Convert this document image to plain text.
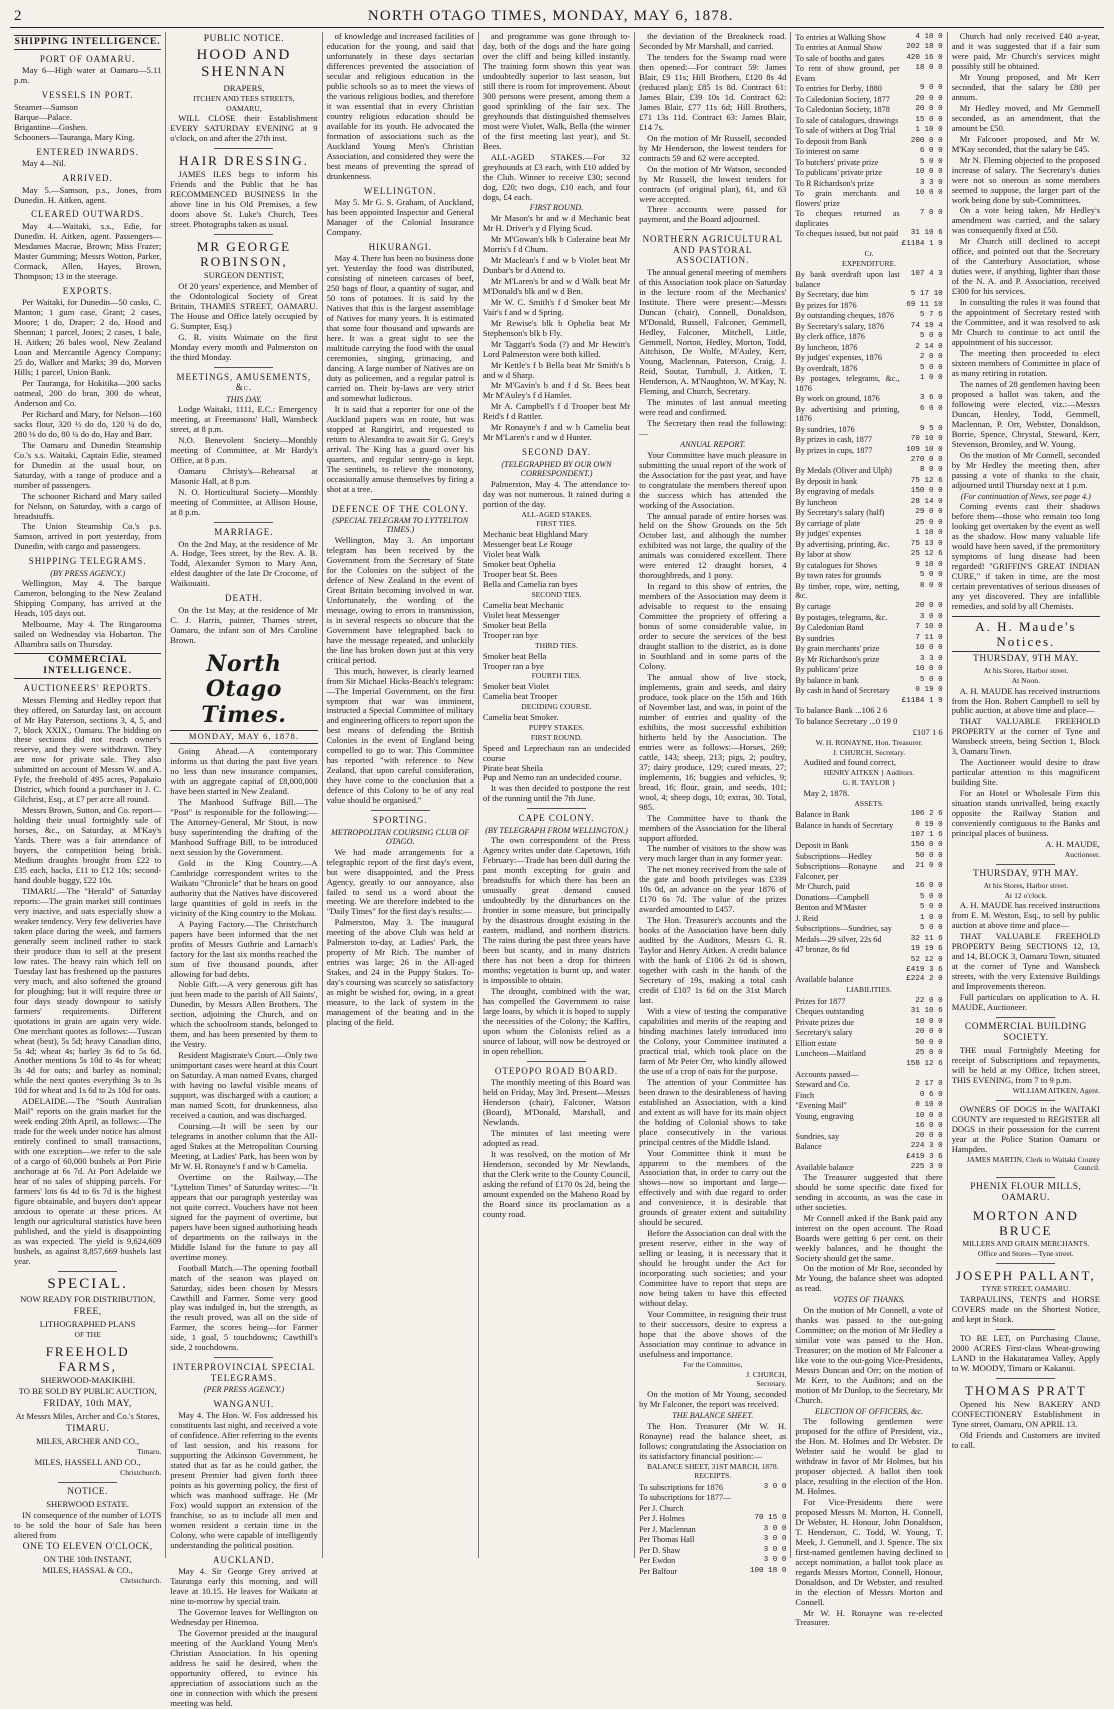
2	NORTH OTAGO TIMES, MONDAY, MAY 6, 1878.
SHIPPING INTELLIGENCE.
PORT OF OAMARU.
May 6—High water at Oamaru—5.11 p.m.
VESSELS IN PORT.
Steamer—Samson
Barque—Palace.
Brigantine—Goshen.
Schooners—Tauranga, Mary King.
ENTERED INWARDS.
May 4—Nil.
ARRIVED.
May 5.—Samson, p.s., Jones, from Dunedin. H. Aitken, agent.
CLEARED OUTWARDS.
May 4.—Waitaki, s.s., Edie, for Dunedin. H. Aitken, agent. Passengers—Mesdames Macrae, Brown; Miss Frazer; Master Gumming; Messrs Wotton, Parker, Cormack, Allen, Hayes, Brown, Thompson; 13 in the steerage.
EXPORTS.
Per Waitaki, for Dunedin—50 casks, C. Manton; 1 gum case, Grant; 2 cases, Moore; 1 do, Draper; 2 do, Hood and Shennan; 1 parcel, Jones; 2 cases, 1 bale, H. Aitken; 26 bales wool, New Zealand Loan and Mercantile Agency Company; 25 do, Walker and Marks; 39 do, Morven Hills; 1 parcel, Union Bank.
Per Tauranga, for Hokitika—200 sacks oatmeal, 200 do bran, 300 do wheat, Anderson and Co.
Per Richard and Mary, for Nelson—160 sacks flour, 320 ½ do do, 120 ¼ do do, 280 ⅛ do do, 80 ¼ do do, Hay and Barr.
The Oamaru and Dunedin Steamship Co.'s s.s. Waitaki, Captain Edie, steamed for Dunedin at the usual hour, on Saturday, with a range of produce and a number of passengers.
The schooner Richard and Mary sailed for Nelson, on Saturday, with a cargo of breadstuffs.
The Union Steamship Co.'s p.s. Samson, arrived in port yesterday, from Dunedin, with cargo and passengers.
SHIPPING TELEGRAMS.
(BY PRESS AGENCY.)
Wellington, May 4. The barque Cameron, belonging to the New Zealand Shipping Company, has arrived at the Heads, 105 days out.
Melbourne, May 4. The Ringarooma sailed on Wednesday via Hobarton. The Albambra sails on Thursday.
COMMERCIAL INTELLIGENCE.
AUCTIONEERS' REPORTS.
Messrs Fleming and Hedley report that they offered, on Saturday last, on account of Mr Hay Paterson, sections 3, 4, 5, and 7, block XXIX., Oamaru. The bidding on these sections did not reach owner's reserve, and they were withdrawn. They are now for private sale. They also submitted on account of Messrs W. and A. Fyfe, the freehold of 495 acres, Papakaio District, which found a purchaser in J. C. Gilchrist, Esq., at £7 per acre all round.
Messrs Brown, Sutton, and Co. report—holding their usual fortnightly sale of horses, &c., on Saturday, at M'Kay's Yards. There was a fair attendance of buyers, the competition being brisk. Medium draughts brought from £22 to £35 each, hacks, £11 to £12 10s; second-hand double buggy, £22 10s.
TIMARU.—The "Herald" of Saturday reports:—The grain market still continues very inactive, and oats especially show a weaker tendency. Very few deliveries have taken place during the week, and farmers generally seem inclined rather to stack their produce than to sell at the present low rates. The heavy rain which fell on Tuesday last has freshened up the pastures very much, and also softened the ground for ploughing; but it will require three or four days steady downpour to satisfy farmers' requirements. Different quotations in grain are again very wide. One merchant quotes as follows:—Tuscan wheat (best), 5s 5d; heavy Canadian ditto, 5s 4d; wheat 4s; barley 3s 6d to 5s 6d. Another mentions 5s 10d to 4s for wheat; 3s 4d for oats; and barley as nominal; while the next quotes everything 3s to 3s 10d for wheat and 1s 6d to 2s 10d for oats.
ADELAIDE.—The "South Australian Mail" reports on the grain market for the week ending 20th April, as follows:—The trade for the week under notice has almost entirely confined to small transactions, with one exception—we refer to the sale of a cargo of 60,000 bushels at Port Pirie anchorage at 6s 7d. At Port Adelaide we hear of no sales of shipping parcels. For farmers' lots 6s 4d to 6s 7d is the highest figure obtainable, and buyers don't appear anxious to operate at these prices. At length our agricultural statistics have been published, and the yield is disappointing as was expected. The yield is 9,624,609 bushels, as against 8,857,669 bushels last year.
SPECIAL.
NOW READY FOR DISTRIBUTION,
FREE,
LITHOGRAPHED PLANS
OF THE
FREEHOLD FARMS,
SHERWOOD-MAKIKIHI.
TO BE SOLD BY PUBLIC AUCTION,
FRIDAY, 10th MAY,
At Messrs Miles, Archer and Co.'s Stores,
TIMARU.
MILES, ARCHER AND CO.,
Timaru.
MILES, HASSELL AND CO.,
Christchurch.
NOTICE.
SHERWOOD ESTATE.
IN consequence of the number of LOTS to be sold the hour of Sale has been altered from
ONE TO ELEVEN O'CLOCK,
ON THE 10th INSTANT,
MILES, HASSAL & CO.,
Christchurch.
PUBLIC NOTICE.
HOOD AND SHENNAN
DRAPERS,
ITCHEN AND TEES STREETS,
OAMARU,
WILL CLOSE their Establishment EVERY SATURDAY EVENING at 9 o'clock, on and after the 27th inst.
HAIR DRESSING.
JAMES ILES begs to inform his Friends and the Public that he has RECOMMENCED BUSINESS In the above line in his Old Premises, a few doors above St. Luke's Church, Tees street. Photographs taken as usual.
MR GEORGE ROBINSON,
SURGEON DENTIST,
Of 20 years' experience, and Member of the Odontological Society of Great Britain, THAMES STREET, OAMARU. The House and Office lately occupied by G. Sumpter, Esq.)
G. R. visits Waimate on the first Monday every month and Palmerston on the third Monday.
MEETINGS, AMUSEMENTS, &c.
THIS DAY.
Lodge Waitaki, 1111, E.C.: Emergency meeting, at Freemasons' Hall, Wansbeck street, at 8 p.m.
N.O. Benevolent Society—Monthly meeting of Committee, at Mr Hardy's Office, at 8 p.m.
Oamaru Christy's—Rehearsal at Masonic Hall, at 8 p.m.
N. O. Horticultural Society—Monthly meeting of Committee, at Allison House, at 8 p.m.
MARRIAGE.
On the 2nd May, at the residence of Mr A. Hodge, Tees street, by the Rev. A. B. Todd, Alexander Symon to Mary Ann, eldest daughter of the late Dr Crocome, of Waikouaiti.
DEATH.
On the 1st May, at the residence of Mr C. J. Harris, painter, Thames street, Oamaru, the infant son of Mrs Caroline Brown.
North Otago Times.
MONDAY, MAY 6, 1878.
Going Ahead.—A contemporary informs us that during the past five years no less than new insurance companies, with an aggregate capital of £8,000,000 have been started in New Zealand.
The Manhood Suffrage Bill.—The "Post" is responsible for the following:—The Attorney-General, Mr Stout, is now busy superintending the drafting of the Manhood Suffrage Bill, to be introduced next session by the Government.
Gold in the King Country.—A Cambridge correspondent writes to the Waikato "Chronicle" that he hears on good authority that the Natives have discovered large quantities of gold in reefs in the vicinity of the King country to the Mokau.
A Paying Factory.—The Christchurch papers have been informed that the net profits of Messrs Guthrie and Larnach's factory for the last six months reached the sum of five thousand pounds, after allowing for bad debts.
Noble Gift.—A very generous gift has just been made to the parish of All Saints', Dunedin, by Messrs Allen Brothers. The section, adjoining the Church, and on which the schoolroom stands, belonged to them, and has been presented by them to the Vestry.
Resident Magistrate's Court.—Only two unimportant cases were heard at this Court on Saturday. A man named Evans, charged with having no lawful visible means of support, was discharged with a caution; a man named Scott, for drunkenness, also received a caution, and was discharged.
Coursing.—It will be seen by our telegrams in another column that the All-aged Stakes at the Metropolitan Coursing Meeting, at Ladies' Park, has been won by Mr W. H. Ronayne's f and w b Camelia.
Overtime on the Railway.—The "Lyttelton Times" of Saturday writes:—"It appears that our paragraph yesterday was not quite correct. Vouchers have not been signed for the payment of overtime, but papers have been signed authorising heads of departments on the railways in the Middle Island for the future to pay all overtime money.
Football Match.—The opening football match of the season was played on Saturday, sides been chosen by Messrs Cawthill and Farmer. Some very good play was indulged in, but the strength, as the result proved, was all on the side of Farmer, the scores being—for Farmer side, 1 goal, 5 touchdowns; Cawthill's side, 2 touchdowns.
INTERPROVINCIAL SPECIAL TELEGRAMS.
(PER PRESS AGENCY.)
WANGANUI.
May 4. The Hon. W. Fox addressed his constituents last night, and received a vote of confidence. After referring to the events of last session, and his reasons for supporting the Atkinson Government, he stated that as far as he could gather, the present Premier had given forth three points as his governing policy, the first of which was manhood suffrage. He (Mr Fox) would support an extension of the franchise, so as to include all men and women resident a certain time in the Colony, who were capable of intelligently understanding the political position.
AUCKLAND.
May 4. Sir George Grey arrived at Tauranga early this morning, and will leave at 10.15. He leaves for Waikato at nine to-morrow by special train.
The Governor leaves for Wellington on Wednesday per Hinemoa.
The Governor presided at the inaugural meeting of the Auckland Young Men's Christian Association. In his opening address he said he desired, when the opportunity offered, to evince his appreciation of associations such as the one in connection with which the present meeting was held.
of knowledge and increased facilities of education for the young, and said that unfortunately in these days sectarian differences prevented the association of secular and religious education in the public schools so as to meet the views of the various religious bodies, and therefore it was essential that in every Christian country religious education should be available for its youth. He advocated the formation of associations such as the Auckland Young Men's Christian Association, and considered they were the best means of preventing the spread of drunkenness.
WELLINGTON.
May 5. Mr G. S. Graham, of Auckland, has been appointed Inspector and General Manager of the Colonial Insurance Company.
HIKURANGI.
May 4. There has been no business done yet. Yesterday the food was distributed, consisting of nineteen carcases of beef, 250 bags of flour, a quantity of sugar, and 50 tons of potatoes. It is said by the Natives that this is the largest assemblage of Natives for many years. It is estimated that some four thousand and upwards are here. It was a great sight to see the multitude carrying the food with the usual ceremonies, singing, grimacing, and dancing. A large number of Natives are on duty as policemen, and a regular patrol is carried on. Their by-laws are very strict and somewhat ludicrous.
It is said that a reporter for one of the Auckland papers was en route, but was stopped at Rangiriri, and requested to return to Alexandra to await Sir G. Grey's arrival. The King has a guard over his quarters, and regular sentry-go is kept. The sentinels, to relieve the monotony, occasionally amuse themselves by firing a shot at a tree.
DEFENCE OF THE COLONY.
(SPECIAL TELEGRAM TO LYTTELTON TIMES.)
Wellington, May 3. An important telegram has been received by the Government from the Secretary of State for the Colonies on the subject of the defence of New Zealand in the event of Great Britain becoming involved in war. Unfortunately, the wording of the message, owing to errors in transmission, is in several respects so obscure that the Government have telegraphed back to have the message repeated, and unluckily the line has broken down just at this very critical period.
This much, however, is clearly learned from Sir Michael Hicks-Beach's telegram:—The Imperial Government, on the first symptom that war was imminent, instructed a Special Committee of military and engineering officers to report upon the best means of defending the British Colonies in the event of England being compelled to go to war. This Committee has reported "with reference to New Zealand, that upon careful consideration, they have come to the conclusion that a defence of this Colony to be of any real value should be organised."
SPORTING.
METROPOLITAN COURSING CLUB OF OTAGO.
We had made arrangements for a telegraphic report of the first day's event, but were disappointed, and the Press Agency, greatly to our annoyance, also failed to send us a word about the meeting. We are therefore indebted to the "Daily Times" for the first day's results:—
Palmerston, May 3. The inaugural meeting of the above Club was held at Palmerston to-day, at Ladies' Park, the property of Mr Rich. The number of entries was large; 26 in the All-aged Stakes, and 24 in the Puppy Stakes. To-day's coursing was scarcely so satisfactory as might be wished for, owing, in a great measure, to the lack of system in the management of the beating and in the placing of the field.
and programme was gone through to-day, both of the dogs and the hare going over the cliff and being killed instantly. The training form shown this year was undoubtedly superior to last season, but still there is room for improvement. About 300 persons were present, among them a good sprinkling of the fair sex. The greyhounds that distinguished themselves most were Violet, Walk, Bella (the winner of the first meeting last year), and St. Bees.
ALL-AGED STAKES.—For 32 greyhounds at £3 each, with £10 added by the Club. Winner to receive £30; second dog, £20; two dogs, £10 each, and four dogs, £4 each.
FIRST ROUND.
Mr Mason's br and w d Mechanic beat Mr H. Driver's y d Flying Scud.
Mr M'Gowan's blk b Coleraine beat Mr Morris's f d Chum.
Mr Maclean's f and w b Violet beat Mr Dunbar's br d Attend to.
Mr M'Laren's br and w d Walk beat Mr M'Donald's blk and w d Ben.
Mr W. C. Smith's f d Smoker beat Mr Vair's f and w d Spring.
Mr Rewise's blk b Ophelia beat Mr Stephenson's blk b Fly.
Mr Taggart's Soda (?) and Mr Hewitt's Lord Palmerston were both killed.
Mr Kettle's f b Bella beat Mr Smith's b and w d Sharp.
Mr M'Gavin's b and f d St. Bees beat Mr M'Auley's f d Hamlet.
Mr A. Campbell's f d Trooper beat Mr Reid's f d Rattler.
Mr Ronayne's f and w b Camelia beat Mr M'Laren's r and w d Hunter.
SECOND DAY.
(TELEGRAPHED BY OUR OWN CORRESPONDENT.)
Palmerston, May 4. The attendance to-day was not numerous. It rained during a portion of the day.
ALL-AGED STAKES.
FIRST TIES.
Mechanic beat Highland Mary
Messenger beat Le Rouge
Violet beat Walk
Smoker beat Ophelia
Trooper beat St. Bees
Bella and Camelia ran byes
SECOND TIES.
Camelia beat Mechanic
Violet beat Messenger
Smoker beat Bella
Trooper ran bye
THIRD TIES.
Smoker beat Bella
Trooper ran a bye
FOURTH TIES.
Smoker beat Violet
Camelia beat Trooper
DECIDING COURSE.
Camelia beat Smoker.
PUPPY STAKES.
FIRST ROUND.
Speed and Leprechaun ran an undecided course
Pirate beat Sheila
Pup and Nemo ran an undecided course.
It was then decided to postpone the rest of the running until the 7th June.
CAPE COLONY.
(BY TELEGRAPH FROM WELLINGTON.)
The own correspondent of the Press Agency writes under date Capetown, 16th February:—Trade has been dull during the past month excepting for grain and breadstuffs for which there has been an unusually great demand caused undoubtedly by the disturbances on the frontier in some measure, but principally by the disastrous drought existing in the eastern, midland, and northern districts. The rains during the past three years have been but scanty, and in many districts there has not been a drop for thirteen months; vegetation is burnt up, and water is impossible to obtain.
The drought, combined with the war, has compelled the Government to raise large loans, by which it is hoped to supply the necessities of the Colony; the Kaffirs, upon whom the Colonists relied as a source of labour, will now be destroyed or in open rebellion.
OTEPOPO ROAD BOARD.
The monthly meeting of this Board was held on Friday, May 3rd. Present—Messrs Henderson (chair), Falconer, Watson (Board), M'Donald, Marshall, and Newlands.
The minutes of last meeting were adopted as read.
It was resolved, on the motion of Mr Henderson, seconded by Mr Newlands, that the Clerk write to the County Council, asking the refund of £170 0s 2d, being the amount expended on the Maheno Road by the Board since its proclamation as a county road.
the deviation of the Breakneck road. Seconded by Mr Marshall, and carried.
The tenders for the Swamp road were then opened:—For contract 59: James Blair, £9 11s; Hill Brothers, £120 8s 4d (reduced plan); £85 1s 8d. Contract 61: James Blair, £39 10s 1d. Contract 62: James Blair, £77 11s 6d; Hill Brothers, £71 13s 11d. Contract 63: James Blair, £14 7s.
On the motion of Mr Russell, seconded by Mr Henderson, the lowest tenders for contracts 59 and 62 were accepted.
On the motion of Mr Watson, seconded by Mr Russell, the lowest tenders for contracts (of original plan), 61, and 63 were accepted.
Three accounts were passed for payment, and the Board adjourned.
NORTHERN AGRICULTURAL AND PASTORAL ASSOCIATION.
The annual general meeting of members of this Association took place on Saturday in the lecture room of the Mechanics' Institute. There were present:—Messrs Duncan (chair), Connell, Donaldson, M'Donald, Russell, Falconer, Gemmell, Hedley, Falconer, Mitchell, Little, Gemmell, Norton, Hedley, Morton, Todd, Aitchison, De Wolfe, M'Auley, Kerr, Young, Maclennan, Paterson, Craig, J. Reid, Soutar, Turnbull, J. Aitken, T. Henderson, A. M'Naughton, W. M'Kay, N. Fleming, and Church, Secretary.
The minutes of last annual meeting were read and confirmed.
The Secretary then read the following:—
ANNUAL REPORT.
Your Committee have much pleasure in submitting the usual report of the work of the Association for the past year, and have to congratulate the members thereof upon the success which has attended the working of the Association.
The annual parade of entire horses was held on the Show Grounds on the 5th October last, and although the number exhibited was not large, the quality of the animals was considered excellent. There were entered 12 draught horses, 4 thoroughbreds, and 1 pony.
In regard to this show of entries, the members of the Association may deem it advisable to request to the ensuing Committee the propriety of offering a bonus of some considerable value, in order to secure the services of the best draught stallion to the district, as is done in Southland and in some parts of the Colony.
The annual show of live stock, implements, grain and seeds, and dairy produce, took place on the 15th and 16th of November last, and was, in point of the number of entries and quality of the exhibits, the most successful exhibition hitherto held by the Association. The entries were as follows:—Horses, 269; cattle, 143; sheep, 213; pigs, 2; poultry, 37; dairy produce, 129; cured meats, 27; implements, 16; buggies and vehicles, 9; bread, 16; flour, grain, and seeds, 101; wool, 4; sheep dogs, 10; extras, 30. Total, 985.
The Committee have to thank the members of the Association for the liberal support afforded.
The number of visitors to the show was very much larger than in any former year.
The net money received from the sale of the gate and booth privileges was £339 10s 0d, an advance on the year 1876 of £170 6s 7d. The value of the prizes awarded amounted to £457.
The Hon. Treasurer's accounts and the books of the Association have been duly audited by the Auditors, Messrs G. R. Taylor and Henry Aitken. A credit balance with the bank of £106 2s 6d is shown, together with cash in the hands of the Secretary of 19s, making a total cash credit of £107 1s 6d on the 31st March last.
With a view of testing the comparative capabilities and merits of the reaping and binding machines lately introduced into the Colony, your Committee instituted a practical trial, which took place on the farm of Mr Peter Orr, who kindly allowed the use of a crop of oats for the purpose.
The attention of your Committee has been drawn to the desirableness of having established an Association, with a kind and extent as will have for its main object the holding of Colonial shows to take place consecutively in the various principal centres of the Middle Island.
Your Committee think it must be apparent to the members of the Association that, in order to carry out the shows—now so important and large—effectively and with due regard to order and convenience, it is desirable that grounds of greater extent and suitability should be secured.
Before the Association can deal with the present reserve, either in the way of selling or leasing, it is necessary that it should be brought under the Act for incorporating such societies; and your Committee have to report that steps are now being taken to have this effected without delay.
Your Committee, in resigning their trust to their successors, desire to express a hope that the above shows of the Association may continue to advance in usefulness and importance.
For the Committee,
J. CHURCH,
Secretary.
On the motion of Mr Young, seconded by Mr Falconer, the report was received.
THE BALANCE SHEET.
The Hon. Treasurer (Mr W. H. Ronayne) read the balance sheet, as follows; congratulating the Association on its satisfactory financial position:—
BALANCE SHEET, 31ST MARCH, 1878.
RECEIPTS.
To subscriptions for 1876	3 0 0
To subscriptions for 1877—	
Per J. Church	
Per J. Holmes	70 15 0
Per J. Maclennan	3 0 0
Per Thomas Hall	3 0 0
Per D. Shaw	3 0 0
Per Ewdon	3 0 0
Per Balfour	100 18 0
To entries at Walking Show	4 10 0
To entries at Annual Show	202 18 0
To sale of booths and gates	420 16 0
To rent of show ground, per Evans	18 0 0
To entries for Derby, 1880	9 0 0
To Caledonian Society, 1877	20 0 0
To Caledonian Society, 1878	20 0 0
To sale of catalogues, drawings	15 0 0
To sale of withers at Dog Trial	1 10 0
To deposit from Bank	200 0 0
To interest on same	6 0 0
To butchers' private prize	5 0 0
To publicans' private prize	10 0 0
To R Richardson's prize	3 3 0
To grain merchants and flowers' prize	10 0 0
To cheques returned as duplicates	7 0 0
To cheques issued, but not paid	31 10 6
	£1184 1 9
Cr.
EXPENDITURE.
By bank overdraft upon last balance	107 4 3
By Secretary, due him	5 17 10
By prizes for 1876	69 11 10
By outstanding cheques, 1876	5 7 6
By Secretary's salary, 1876	74 19 4
By clerk office, 1876	5 0 0
By luncheon, 1876	2 14 0
By judges' expenses, 1876	2 0 0
By overdraft, 1876	5 0 0
By postages, telegrams, &c., 1876	1 0 0
By work on ground, 1876	3 6 0
By advertising and printing, 1876	6 0 0
By sundries, 1876	9 5 0
By prizes in cash, 1877	70 10 0
By prizes in cups, 1877	109 10 0
	270 0 0
By Medals (Oliver and Ulph)	8 0 0
By deposit in bank	75 12 6
By engraving of medals	150 0 0
By luncheon	28 14 0
By Secretary's salary (half)	29 0 0
By carriage of plate	25 0 0
By judges' expenses	1 10 0
By advertising, printing, &c.	75 13 0
By labor at show	25 12 6
By catalogues for Shows	9 10 0
By town rates for grounds	5 0 0
By timber, rope, wire, netting, &c.	8 0 0
By cartage	20 0 0
By postages, telegrams, &c.	3 0 0
By Caledonian Band	7 10 0
By sundries	7 11 0
By grain merchants' prize	10 0 0
By Mr Richardson's prize	3 3 0
By publicans' prize	10 0 0
By balance in bank	5 0 0
By cash in hand of Secretary	0 19 0
	£1184 1 9
To balance Bank ...106 2 6
To balance Secretary ...0 19 0
£107 1 6
W. H. RONAYNE, Hon. Treasurer.
J. CHURCH, Secretary.
Audited and found correct,
HENRY AITKEN } Auditors.
G. R. TAYLOR }
May 2, 1878.
ASSETS.
Balance in Bank	106 2 6
Balance in hands of Secretary	0 19 0
	107 1 6
Deposit in Bank	150 0 0
Subscriptions—Hedley	50 0 0
Subscriptions—Ronayne and Falconer, per	21 0 0
Mr Church, paid	16 0 0
Donations—Campbell	5 0 0
Benton and M'Master	5 0 0
J. Reid	1 0 0
Subscriptions—Sundries, say	5 0 0
Medals—29 silver, 22s 6d	32 11 6
47 bronze, 8s 6d	19 19 6
	52 12 0
	£419 3 6
Available balance	£224 2 0
LIABILITIES.
Prizes for 1877	22 0 0
Cheques outstanding	31 10 6
Private prizes due	10 0 0
Secretary's salary	20 0 0
Elliott estate	50 0 0
Luncheon—Maitland	25 0 0
	158 12 6
Accounts passed—	
Steward and Co.	2 17 0
Finch	0 6 0
"Evening Mail"	0 10 0
Young, engraving	10 0 0
	16 0 0
Sundries, say	20 0 0
Balance	224 3 0
	£419 3 6
Available balance	225 3 0
The Treasurer suggested that there should be some specific date fixed for sending in accounts, as was the case in other societies.
Mr Connell asked if the Bank paid any interest on the open account. The Road Boards were getting 6 per cent. on their weekly balances, and he thought the Society should get the same.
On the motion of Mr Roe, seconded by Mr Young, the balance sheet was adopted as read.
VOTES OF THANKS.
On the motion of Mr Connell, a vote of thanks was passed to the out-going Committee; on the motion of Mr Hedley a similar vote was passed to the Hon. Treasurer; on the motion of Mr Falconer a like vote to the out-going Vice-Presidents, Messrs Duncan and Orr; on the motion of Mr Kerr, to the Auditors; and on the motion of Mr Dunlop, to the Secretary, Mr Church.
ELECTION OF OFFICERS, &c.
The following gentlemen were proposed for the office of President, viz., the Hon. M. Holmes and Dr Webster. Dr Webster said he would be glad to withdraw in favor of Mr Holmes, but his proposer objected. A ballot then took place, resulting in the election of the Hon. M. Holmes.
For Vice-Presidents there were proposed Messrs M. Morton, H. Connell, Dr Webster, H. Honour, John Donaldson, T. Henderson, C. Todd, W. Young, T. Meek, J. Gemmell, and J. Spence. The six first-named gentlemen having declined to accept nomination, a ballot took place as regards Messrs Morton, Connell, Honour, Donaldson, and Dr Webster, and resulted in the election of Messrs Morton and Connell.
Mr W. H. Ronayne was re-elected Treasurer.
Church had only received £40 a-year, and it was suggested that if a fair sum were paid, Mr Church's services might possibly still be obtained.
Mr Young proposed, and Mr Kerr seconded, that the salary be £80 per annum.
Mr Hedley moved, and Mr Gemmell seconded, as an amendment, that the amount be £50.
Mr Falconer proposed, and Mr W. M'Kay seconded, that the salary be £45.
Mr N. Fleming objected to the proposed increase of salary. The Secretary's duties were not so onerous as some members seemed to suppose, the larger part of the work being done by sub-Committees.
On a vote being taken, Mr Hedley's amendment was carried, and the salary was consequently fixed at £50.
Mr Church still declined to accept office, and pointed out that the Secretary of the Canterbury Association, whose duties were, if anything, lighter than those of the N. A. and P. Association, received £300 for his services.
In consulting the rules it was found that the appointment of Secretary rested with the Committee, and it was resolved to ask Mr Church to continue to act until the appointment of his successor.
The meeting then proceeded to elect sixteen members of Committee in place of as many retiring in rotation.
The names of 28 gentlemen having been proposed a ballot was taken, and the following were elected, viz.:—Messrs Duncan, Henley, Todd, Gemmell, Maclennan, P. Orr, Webster, Donaldson, Borrie, Spence, Chrystal, Steward, Kerr, Stevenson, Bromley, and W. Young.
On the motion of Mr Connell, seconded by Mr Hedley the meeting then, after passing a vote of thanks to the chair, adjourned until Thursday next at 1 p.m.
(For continuation of News, see page 4.)
Coming events cast their shadows before them—those who remain too long looking get overtaken by the event as well as the shadow. How many valuable life would have been saved, if the premonitory symptoms of lung disease had been regarded! "GRIFFIN'S GREAT INDIAN CURE," if taken in time, are the most certain preventatives of serious diseases of any yet discovered. They are infallible remedies, and sold by all Chemists.
A. H. Maude's Notices.
THURSDAY, 9TH MAY.
At his Stores, Harbor street.
At Noon.
A. H. MAUDE has received instructions from the Hon. Robert Campbell to sell by public auction, at above time and place—
THAT VALUABLE FREEHOLD PROPERTY at the corner of Tyne and Wansbeck streets, being Section 1, Block 3, Oamaru Town.
The Auctioneer would desire to draw particular attention to this magnificent building Site.
For an Hotel or Wholesale Firm this situation stands unrivalled, being exactly opposite the Railway Station and conveniently contiguous to the Banks and principal places of business.
A. H. MAUDE,
Auctioneer.
THURSDAY, 9TH MAY.
At his Stores, Harbor street.
At 12 o'clock.
A. H. MAUDE has received instructions from E. M. Weston, Esq., to sell by public auction at above time and place—
THAT VALUABLE FREEHOLD PROPERTY Being SECTIONS 12, 13, and 14, BLOCK 3, Oamaru Town, situated at the corner of Tyne and Wansbeck streets, with the very Extensive Buildings and Improvements thereon.
Full particulars on application to A. H. MAUDE, Auctioneer.
COMMERCIAL BUILDING SOCIETY.
THE usual Fortnightly Meeting for receipt of Subscriptions and repayments, will be held at my Office, Itchen street, THIS EVENING, from 7 to 9 p.m.
WILLIAM AITKEN, Agent.
OWNERS OF DOGS in the WAITAKI COUNTY are requested to REGISTER all DOGS in their possession for the current year at the Police Station Oamaru or Hampden.
JAMES MARTIN, Clerk to Waitaki County Council.
PHENIX FLOUR MILLS, OAMARU.
MORTON AND BRUCE
MILLERS AND GRAIN MERCHANTS.
Office and Stores—Tyne street.
JOSEPH PALLANT,
TYNE STREET, OAMARU.
TARPAULINS, TENTS and HORSE COVERS made on the Shortest Notice, and kept in Stock.
TO BE LET, on Purchasing Clause, 2000 ACRES First-class Wheat-growing LAND in the Hakataramea Valley, Apply to W. MOODY, Timaru or Kakanui.
THOMAS PRATT
Opened his New BAKERY AND CONFECTIONERY Establishment in Tyne street, Oamaru, ON APRIL 13.
Old Friends and Customers are invited to call.
